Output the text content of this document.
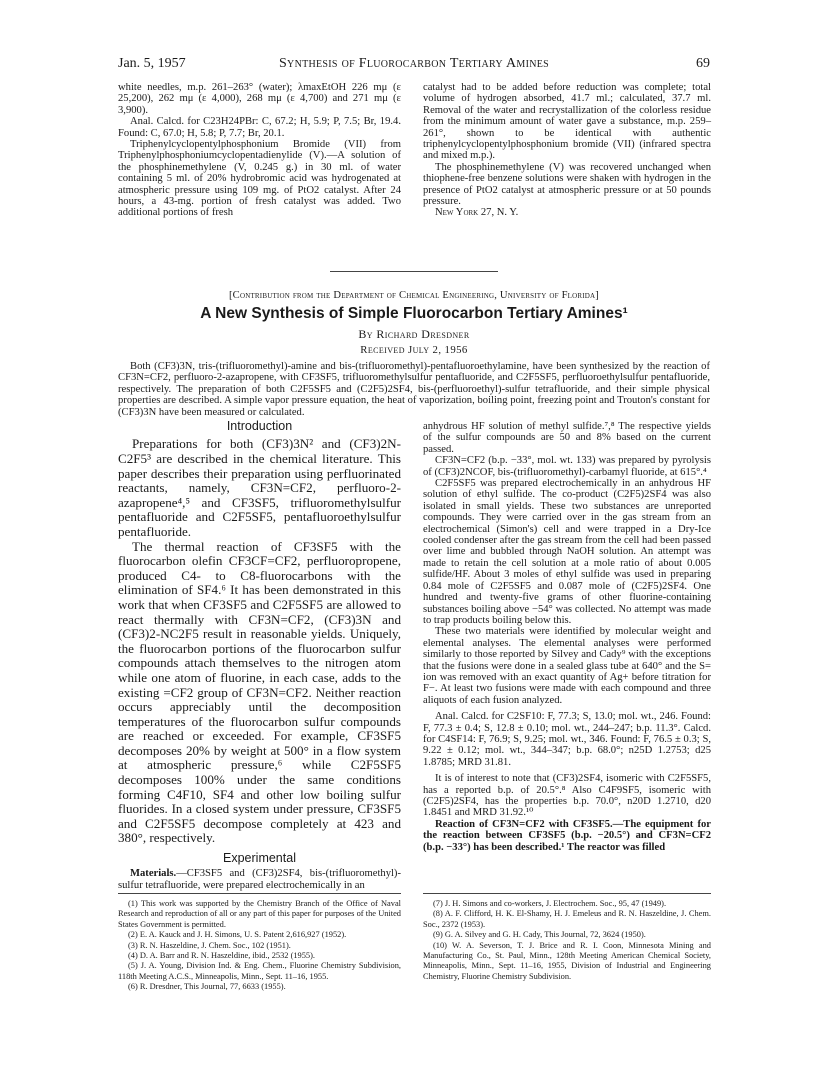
Jan. 5, 1957	Synthesis of Fluorocarbon Tertiary Amines	69

white needles, m.p. 261–263° (water); λmaxEtOH 226 mμ (ε 25,200), 262 mμ (ε 4,000), 268 mμ (ε 4,700) and 271 mμ (ε 3,900).

Anal. Calcd. for C23H24PBr: C, 67.2; H, 5.9; P, 7.5; Br, 19.4. Found: C, 67.0; H, 5.8; P, 7.7; Br, 20.1.

Triphenylcyclopentylphosphonium Bromide (VII) from Triphenylphosphoniumcyclopentadienylide (V).—A solution of the phosphinemethylene (V, 0.245 g.) in 30 ml. of water containing 5 ml. of 20% hydrobromic acid was hydrogenated at atmospheric pressure using 109 mg. of PtO2 catalyst. After 24 hours, a 43-mg. portion of fresh catalyst was added. Two additional portions of fresh

catalyst had to be added before reduction was complete; total volume of hydrogen absorbed, 41.7 ml.; calculated, 37.7 ml. Removal of the water and recrystallization of the colorless residue from the minimum amount of water gave a substance, m.p. 259–261°, shown to be identical with authentic triphenylcyclopentylphosphonium bromide (VII) (infrared spectra and mixed m.p.).

The phosphinemethylene (V) was recovered unchanged when thiophene-free benzene solutions were shaken with hydrogen in the presence of PtO2 catalyst at atmospheric pressure or at 50 pounds pressure.

New York 27, N. Y.

[Contribution from the Department of Chemical Engineering, University of Florida]
A New Synthesis of Simple Fluorocarbon Tertiary Amines¹
By Richard Dresdner
Received July 2, 1956
Both (CF3)3N, tris-(trifluoromethyl)-amine and bis-(trifluoromethyl)-pentafluoroethylamine, have been synthesized by the reaction of CF3N=CF2, perfluoro-2-azapropene, with CF3SF5, trifluoromethylsulfur pentafluoride, and C2F5SF5, perfluoroethylsulfur pentafluoride, respectively. The preparation of both C2F5SF5 and (C2F5)2SF4, bis-(perfluoroethyl)-sulfur tetrafluoride, and their simple physical properties are described. A simple vapor pressure equation, the heat of vaporization, boiling point, freezing point and Trouton's constant for (CF3)3N have been measured or calculated.
Introduction

Preparations for both (CF3)3N² and (CF3)2N-C2F5³ are described in the chemical literature. This paper describes their preparation using perfluorinated reactants, namely, CF3N=CF2, perfluoro-2-azapropene⁴,⁵ and CF3SF5, trifluoromethylsulfur pentafluoride and C2F5SF5, pentafluoroethylsulfur pentafluoride.

The thermal reaction of CF3SF5 with the fluorocarbon olefin CF3CF=CF2, perfluoropropene, produced C4- to C8-fluorocarbons with the elimination of SF4.⁶ It has been demonstrated in this work that when CF3SF5 and C2F5SF5 are allowed to react thermally with CF3N=CF2, (CF3)3N and (CF3)2-NC2F5 result in reasonable yields. Uniquely, the fluorocarbon portions of the fluorocarbon sulfur compounds attach themselves to the nitrogen atom while one atom of fluorine, in each case, adds to the existing =CF2 group of CF3N=CF2. Neither reaction occurs appreciably until the decomposition temperatures of the fluorocarbon sulfur compounds are reached or exceeded. For example, CF3SF5 decomposes 20% by weight at 500° in a flow system at atmospheric pressure,⁶ while C2F5SF5 decomposes 100% under the same conditions forming C4F10, SF4 and other low boiling sulfur fluorides. In a closed system under pressure, CF3SF5 and C2F5SF5 decompose completely at 423 and 380°, respectively.

Experimental

Materials.—CF3SF5 and (CF3)2SF4, bis-(trifluoromethyl)-sulfur tetrafluoride, were prepared electrochemically in an

anhydrous HF solution of methyl sulfide.⁷,⁸ The respective yields of the sulfur compounds are 50 and 8% based on the current passed.

CF3N=CF2 (b.p. −33°, mol. wt. 133) was prepared by pyrolysis of (CF3)2NCOF, bis-(trifluoromethyl)-carbamyl fluoride, at 615°.⁴

C2F5SF5 was prepared electrochemically in an anhydrous HF solution of ethyl sulfide. The co-product (C2F5)2SF4 was also isolated in small yields. These two substances are unreported compounds. They were carried over in the gas stream from an electrochemical (Simon's) cell and were trapped in a Dry-Ice cooled condenser after the gas stream from the cell had been passed over lime and bubbled through NaOH solution. An attempt was made to retain the cell solution at a mole ratio of about 0.005 sulfide/HF. About 3 moles of ethyl sulfide was used in preparing 0.84 mole of C2F5SF5 and 0.087 mole of (C2F5)2SF4. One hundred and twenty-five grams of other fluorine-containing substances boiling above −54° was collected. No attempt was made to trap products boiling below this.

These two materials were identified by molecular weight and elemental analyses. The elemental analyses were performed similarly to those reported by Silvey and Cady⁹ with the exceptions that the fusions were done in a sealed glass tube at 640° and the S= ion was removed with an exact quantity of Ag+ before titration for F−. At least two fusions were made with each compound and three aliquots of each fusion analyzed.

Anal. Calcd. for C2SF10: F, 77.3; S, 13.0; mol. wt., 246. Found: F, 77.3 ± 0.4; S, 12.8 ± 0.10; mol. wt., 244–247; b.p. 11.3°. Calcd. for C4SF14: F, 76.9; S, 9.25; mol. wt., 346. Found: F, 76.5 ± 0.3; S, 9.22 ± 0.12; mol. wt., 344–347; b.p. 68.0°; n25D 1.2753; d25 1.8785; MRD 31.81.

It is of interest to note that (CF3)2SF4, isomeric with C2F5SF5, has a reported b.p. of 20.5°.⁸ Also C4F9SF5, isomeric with (C2F5)2SF4, has the properties b.p. 70.0°, n20D 1.2710, d20 1.8451 and MRD 31.92.¹⁰

Reaction of CF3N=CF2 with CF3SF5.—The equipment for the reaction between CF3SF5 (b.p. −20.5°) and CF3N=CF2 (b.p. −33°) has been described.¹ The reactor was filled

(1) This work was supported by the Chemistry Branch of the Office of Naval Research and reproduction of all or any part of this paper for purposes of the United States Government is permitted.

(2) E. A. Kauck and J. H. Simons, U. S. Patent 2,616,927 (1952).

(3) R. N. Haszeldine, J. Chem. Soc., 102 (1951).

(4) D. A. Barr and R. N. Haszeldine, ibid., 2532 (1955).

(5) J. A. Young, Division Ind. & Eng. Chem., Fluorine Chemistry Subdivision, 118th Meeting A.C.S., Minneapolis, Minn., Sept. 11–16, 1955.

(6) R. Dresdner, This Journal, 77, 6633 (1955).

(7) J. H. Simons and co-workers, J. Electrochem. Soc., 95, 47 (1949).

(8) A. F. Clifford, H. K. El-Shamy, H. J. Emeleus and R. N. Haszeldine, J. Chem. Soc., 2372 (1953).

(9) G. A. Silvey and G. H. Cady, This Journal, 72, 3624 (1950).

(10) W. A. Severson, T. J. Brice and R. I. Coon, Minnesota Mining and Manufacturing Co., St. Paul, Minn., 128th Meeting American Chemical Society, Minneapolis, Minn., Sept. 11–16, 1955, Division of Industrial and Engineering Chemistry, Fluorine Chemistry Subdivision.
